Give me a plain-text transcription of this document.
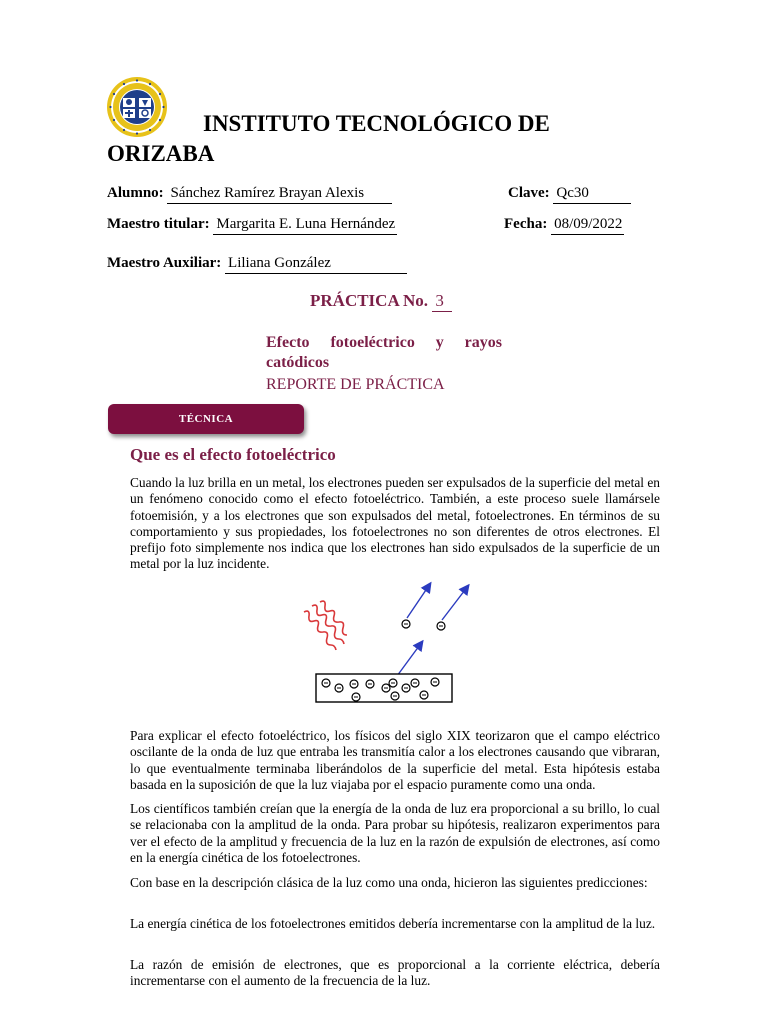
INSTITUTO TECNOLÓGICO DE
ORIZABA
Alumno: Sánchez Ramírez Brayan Alexis	Clave: Qc30
Maestro titular: Margarita E. Luna Hernández	Fecha: 08/09/2022
Maestro Auxiliar: Liliana González
PRÁCTICA No. 3
Efecto fotoeléctrico y rayos
catódicos
REPORTE DE PRÁCTICA
TÉCNICA
Que es el efecto fotoeléctrico

Cuando la luz brilla en un metal, los electrones pueden ser expulsados de la superficie del metal en un fenómeno conocido como el efecto fotoeléctrico. También, a este proceso suele llamársele fotoemisión, y a los electrones que son expulsados del metal, fotoelectrones. En términos de su comportamiento y sus propiedades, los fotoelectrones no son diferentes de otros electrones. El prefijo foto simplemente nos indica que los electrones han sido expulsados de la superficie de un metal por la luz incidente.

Para explicar el efecto fotoeléctrico, los físicos del siglo XIX teorizaron que el campo eléctrico oscilante de la onda de luz que entraba les transmitía calor a los electrones causando que vibraran, lo que eventualmente terminaba liberándolos de la superficie del metal. Esta hipótesis estaba basada en la suposición de que la luz viajaba por el espacio puramente como una onda.

Los científicos también creían que la energía de la onda de luz era proporcional a su brillo, lo cual se relacionaba con la amplitud de la onda. Para probar su hipótesis, realizaron experimentos para ver el efecto de la amplitud y frecuencia de la luz en la razón de expulsión de electrones, así como en la energía cinética de los fotoelectrones.

Con base en la descripción clásica de la luz como una onda, hicieron las siguientes predicciones:

La energía cinética de los fotoelectrones emitidos debería incrementarse con la amplitud de la luz.

La razón de emisión de electrones, que es proporcional a la corriente eléctrica, debería incrementarse con el aumento de la frecuencia de la luz.
